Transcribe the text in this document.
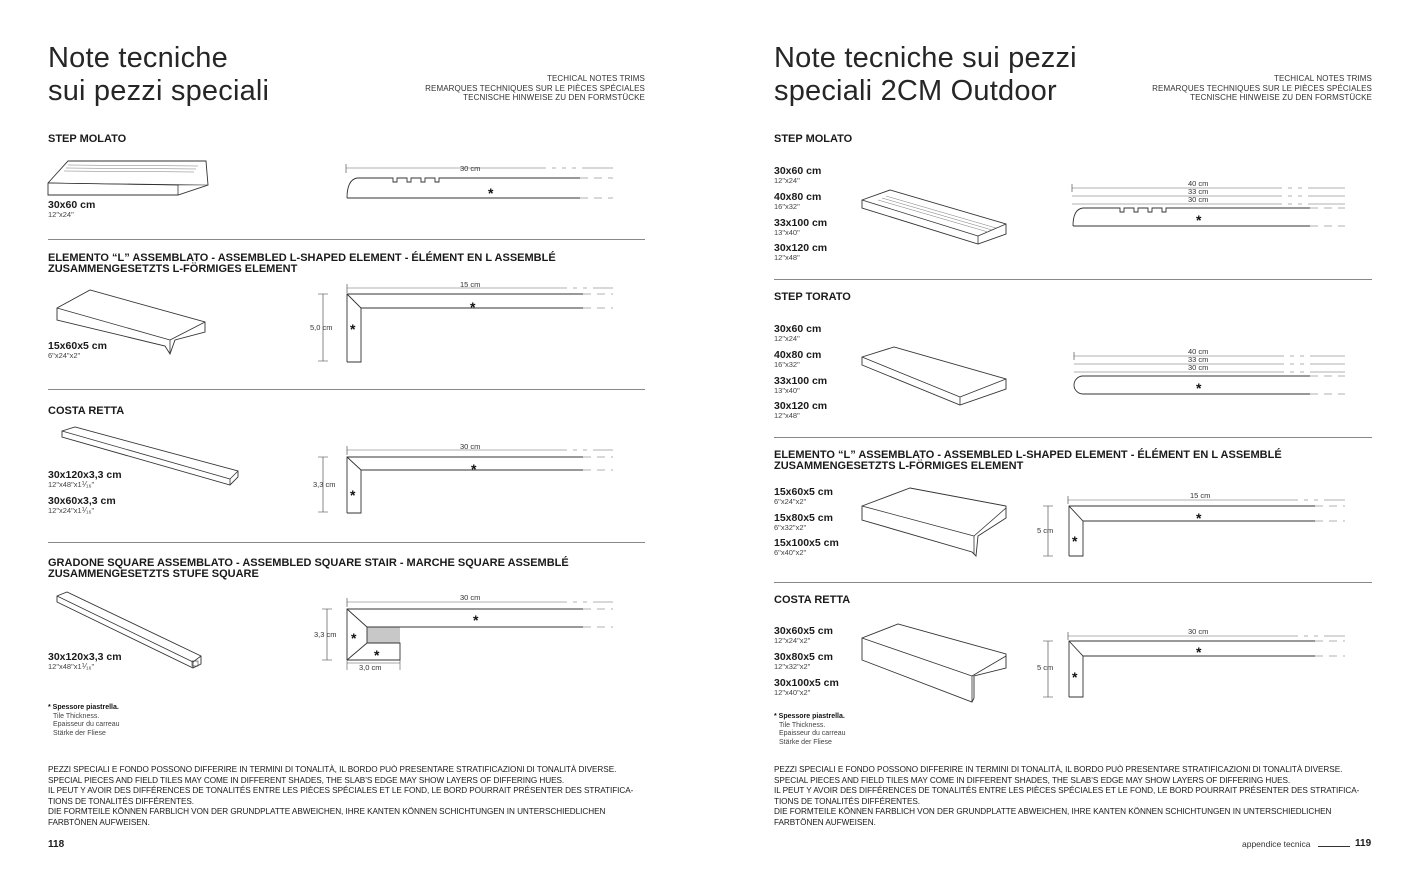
Note tecniche
sui pezzi speciali	TECHICAL NOTES TRIMS
REMARQUES TECHNIQUES SUR LE PIÈCES SPÉCIALES
TECNISCHE HINWEISE ZU DEN FORMSTÜCKE
STEP MOLATO
30x60 cm
12"x24"
30 cm
*
ELEMENTO “L” ASSEMBLATO - ASSEMBLED L-SHAPED ELEMENT - ÉLÉMENT EN L ASSEMBLÉ
ZUSAMMENGESETZTS L-FÖRMIGES ELEMENT
15x60x5 cm
6"x24"x2"
15 cm
5,0 cm
*
*
COSTA RETTA
30x120x3,3 cm
12"x48"x1⅟₁₆"
30x60x3,3 cm
12"x24"x1⅟₁₆"
30 cm
3,3 cm
*
*
GRADONE SQUARE ASSEMBLATO - ASSEMBLED SQUARE STAIR - MARCHE SQUARE ASSEMBLÉ
ZUSAMMENGESETZTS STUFE SQUARE
30x120x3,3 cm
12"x48"x1⅟₁₆"
30 cm
3,3 cm
*
*
*
3,0 cm
* Spessore piastrella.
Tile Thickness.
Epaisseur du carreau
Stärke der Fliese
PEZZI SPECIALI E FONDO POSSONO DIFFERIRE IN TERMINI DI TONALITÀ, IL BORDO PUÒ PRESENTARE STRATIFICAZIONI DI TONALITÀ DIVERSE.
SPECIAL PIECES AND FIELD TILES MAY COME IN DIFFERENT SHADES, THE SLAB’S EDGE MAY SHOW LAYERS OF DIFFERING HUES.
IL PEUT Y AVOIR DES DIFFÉRENCES DE TONALITÉS ENTRE LES PIÈCES SPÉCIALES ET LE FOND, LE BORD POURRAIT PRÉSENTER DES STRATIFICA-
TIONS DE TONALITÉS DIFFÉRENTES.
DIE FORMTEILE KÖNNEN FARBLICH VON DER GRUNDPLATTE ABWEICHEN, IHRE KANTEN KÖNNEN SCHICHTUNGEN IN UNTERSCHIEDLICHEN
FARBTÖNEN AUFWEISEN.
118
Note tecniche sui pezzi
speciali 2CM Outdoor	TECHICAL NOTES TRIMS
REMARQUES TECHNIQUES SUR LE PIÈCES SPÉCIALES
TECNISCHE HINWEISE ZU DEN FORMSTÜCKE
STEP MOLATO
30x60 cm
12"x24"
40x80 cm
16"x32"
33x100 cm
13"x40"
30x120 cm
12"x48"
40 cm
33 cm
30 cm
*
STEP TORATO
30x60 cm
12"x24"
40x80 cm
16"x32"
33x100 cm
13"x40"
30x120 cm
12"x48"
40 cm
33 cm
30 cm
*
ELEMENTO “L” ASSEMBLATO - ASSEMBLED L-SHAPED ELEMENT - ÉLÉMENT EN L ASSEMBLÉ
ZUSAMMENGESETZTS L-FÖRMIGES ELEMENT
15x60x5 cm
6"x24"x2"
15x80x5 cm
6"x32"x2"
15x100x5 cm
6"x40"x2"
15 cm
5 cm
*
*
COSTA RETTA
30x60x5 cm
12"x24"x2"
30x80x5 cm
12"x32"x2"
30x100x5 cm
12"x40"x2"
30 cm
5 cm
*
*
* Spessore piastrella.
Tile Thickness.
Epaisseur du carreau
Stärke der Fliese
PEZZI SPECIALI E FONDO POSSONO DIFFERIRE IN TERMINI DI TONALITÀ, IL BORDO PUÒ PRESENTARE STRATIFICAZIONI DI TONALITÀ DIVERSE.
SPECIAL PIECES AND FIELD TILES MAY COME IN DIFFERENT SHADES, THE SLAB’S EDGE MAY SHOW LAYERS OF DIFFERING HUES.
IL PEUT Y AVOIR DES DIFFÉRENCES DE TONALITÉS ENTRE LES PIÈCES SPÉCIALES ET LE FOND, LE BORD POURRAIT PRÉSENTER DES STRATIFICA-
TIONS DE TONALITÉS DIFFÉRENTES.
DIE FORMTEILE KÖNNEN FARBLICH VON DER GRUNDPLATTE ABWEICHEN, IHRE KANTEN KÖNNEN SCHICHTUNGEN IN UNTERSCHIEDLICHEN
FARBTÖNEN AUFWEISEN.
appendice tecnica	119
